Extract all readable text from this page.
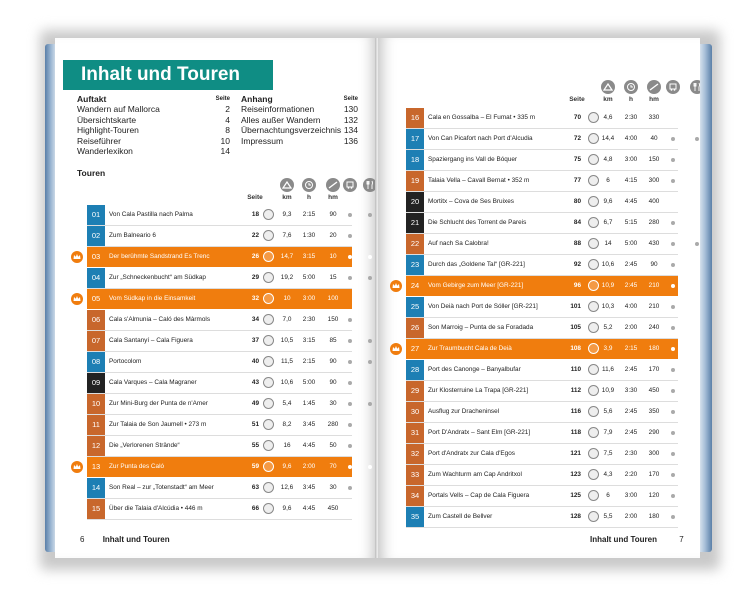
Inhalt und Touren
Auftakt	Seite
Wandern auf Mallorca	2
Übersichtskarte	4
Highlight-Touren	8
Reiseführer	10
Wanderlexikon	14
Anhang	Seite
Reiseinformationen	130
Alles außer Wandern	132
Übernachtungsverzeichnis 134
Impressum	136
Touren
Seite	km	h	hm
01	Von Cala Pastilla nach Palma	18	9,3	2:15	90
02	Zum Balneario 6	22	7,6	1:30	20
03	Der berühmte Sandstrand Es Trenc	26	14,7	3:15	10
04	Zur „Schneckenbucht“ am Südkap	29	19,2	5:00	15
05	Vom Südkap in die Einsamkeit	32	10	3:00	100
06	Cala s'Almunia – Caló des Màrmols	34	7,0	2:30	150
07	Cala Santanyí – Cala Figuera	37	10,5	3:15	85
08	Portocolom	40	11,5	2:15	90
09	Cala Varques – Cala Magraner	43	10,6	5:00	90
10	Zur Mini-Burg der Punta de n'Amer	49	5,4	1:45	30
11	Zur Talaia de Son Jaumell • 273 m	51	8,2	3:45	280
12	Die „Verlorenen Strände“	55	16	4:45	50
13	Zur Punta des Caló	59	9,6	2:00	70
14	Son Real – zur „Totenstadt“ am Meer	63	12,6	3:45	30
15	Über die Talaia d'Alcúdia • 446 m	66	9,6	4:45	450
6 Inhalt und Touren
Seite	km	h	hm
16	Cala en Gossalba – El Fumat • 335 m	70	4,6	2:30	330
17	Von Can Picafort nach Port d'Alcudia	72	14,4	4:00	40
18	Spaziergang ins Vall de Bóquer	75	4,8	3:00	150
19	Talaia Vella – Cavall Bernat • 352 m	77	6	4:15	300
20	Mortitx – Cova de Ses Bruixes	80	9,6	4:45	400
21	Die Schlucht des Torrent de Pareis	84	6,7	5:15	280
22	Auf nach Sa Calobra!	88	14	5:00	430
23	Durch das „Goldene Tal“ [GR-221]	92	10,6	2:45	90
24	Vom Gebirge zum Meer [GR-221]	96	10,9	2:45	210
25	Von Deià nach Port de Sóller [GR-221]	101	10,3	4:00	210
26	Son Marroig – Punta de sa Foradada	105	5,2	2:00	240
27	Zur Traumbucht Cala de Deià	108	3,9	2:15	180
28	Port des Canonge – Banyalbufar	110	11,6	2:45	170
29	Zur Klosterruine La Trapa [GR-221]	112	10,9	3:30	450
30	Ausflug zur Dracheninsel	116	5,6	2:45	350
31	Port D'Andratx – Sant Elm [GR-221]	118	7,9	2:45	290
32	Port d'Andratx zur Cala d'Egos	121	7,5	2:30	300
33	Zum Wachturm am Cap Andritxol	123	4,3	2:20	170
34	Portals Vells – Cap de Cala Figuera	125	6	3:00	120
35	Zum Castell de Bellver	128	5,5	2:00	180
Inhalt und Touren	7
